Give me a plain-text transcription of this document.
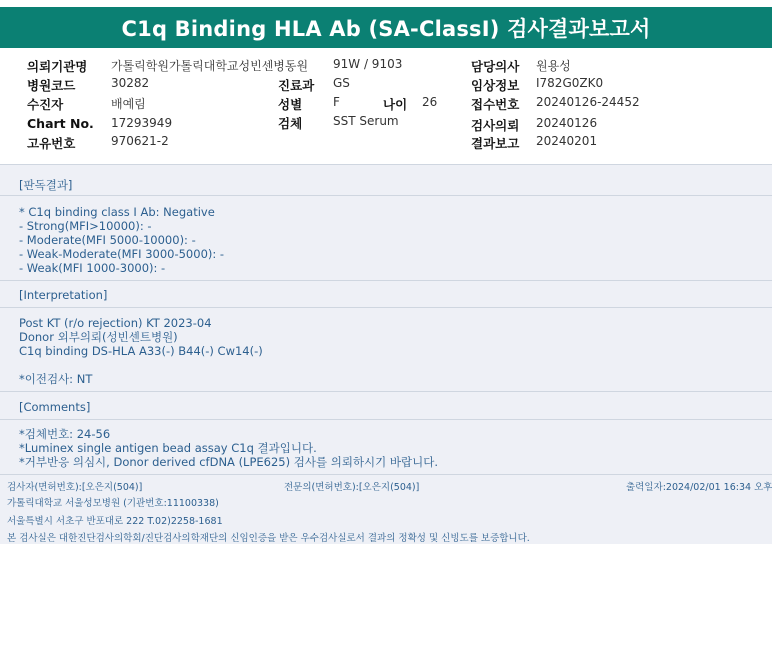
C1q Binding HLA Ab (SA-ClassI) 검사결과보고서
의뢰기관명 가톨릭학원가톨릭대학교성빈센병동원 91W / 9103	담당의사 원용성
병원코드	30282	진료과 GS	임상정보 I782G0ZK0
수진자	배예림	성별	F	나이 26	접수번호 20240126-24452
Chart No. 17293949	검체	SST Serum	검사의뢰 20240126
고유번호	970621-2	결과보고 20240201
[판독결과]
* C1q binding class I Ab: Negative
- Strong(MFI>10000): -
- Moderate(MFI 5000-10000): -
- Weak-Moderate(MFI 3000-5000): -
- Weak(MFI 1000-3000): -
[Interpretation]
Post KT (r/o rejection) KT 2023-04
Donor 외부의뢰(성빈센트병원)
C1q binding DS-HLA A33(-) B44(-) Cw14(-)
*이전검사: NT
[Comments]
*검체번호: 24-56
*Luminex single antigen bead assay C1q 결과입니다.
*거부반응 의심시, Donor derived cfDNA (LPE625) 검사를 의뢰하시기 바랍니다.
검사자(면허번호):[오은지(504)]	전문의(면허번호):[오은지(504)]	출력일자:2024/02/01 16:34 오후
가톨릭대학교 서울성모병원 (기관번호:11100338)
서울특별시 서초구 반포대로 222 T.02)2258-1681
본 검사실은 대한진단검사의학회/진단검사의학재단의 신임인증을 받은 우수검사실로서 결과의 정확성 및 신빙도를 보증합니다.
